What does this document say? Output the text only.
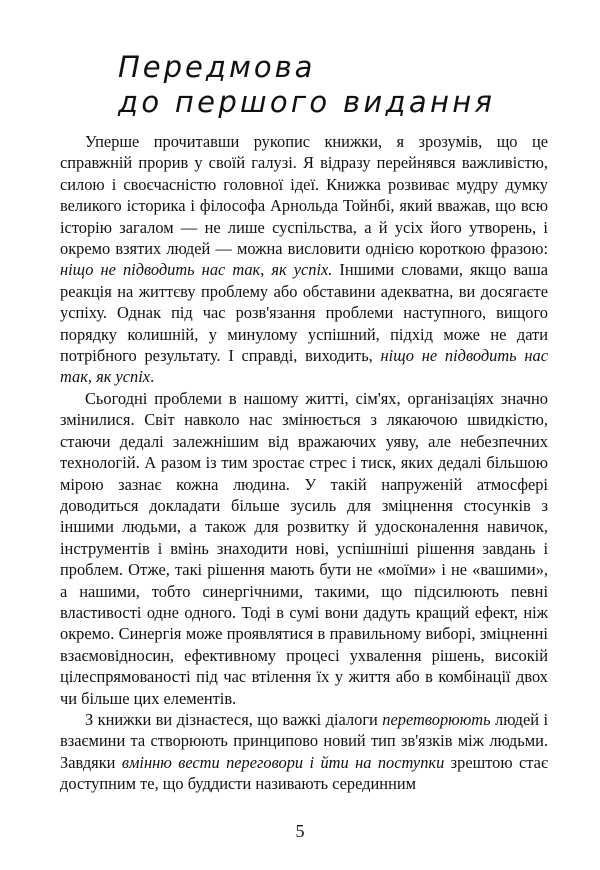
Передмова
до першого видання

Уперше прочитавши рукопис книжки, я зрозумів, що це справжній прорив у своїй галузі. Я відразу перейнявся важливістю, силою і своєчасністю головної ідеї. Книжка розвиває мудру думку великого історика і філософа Арнольда Тойнбі, який вважав, що всю історію загалом — не лише суспільства, а й усіх його утворень, і окремо взятих людей — можна висловити однією короткою фразою: ніщо не підводить нас так, як успіх. Іншими словами, якщо ваша реакція на життєву проблему або обставини адекватна, ви досягаєте успіху. Однак під час розв'язання проблеми наступного, вищого порядку колишній, у минулому успішний, підхід може не дати потрібного результату. І справді, виходить, ніщо не підводить нас так, як успіх.

Сьогодні проблеми в нашому житті, сім'ях, організаціях значно змінилися. Світ навколо нас змінюється з лякаючою швидкістю, стаючи дедалі залежнішим від вражаючих уяву, але небезпечних технологій. А разом із тим зростає стрес і тиск, яких дедалі більшою мірою зазнає кожна людина. У такій напруженій атмосфері доводиться докладати більше зусиль для зміцнення стосунків з іншими людьми, а також для розвитку й удосконалення навичок, інструментів і вмінь знаходити нові, успішніші рішення завдань і проблем. Отже, такі рішення мають бути не «моїми» і не «вашими», а нашими, тобто синергічними, такими, що підсилюють певні властивості одне одного. Тоді в сумі вони дадуть кращий ефект, ніж окремо. Синергія може проявлятися в правильному виборі, зміцненні взаємовідносин, ефективному процесі ухвалення рішень, високій цілеспрямованості під час втілення їх у життя або в комбінації двох чи більше цих елементів.

З книжки ви дізнаєтеся, що важкі діалоги перетворюють людей і взаємини та створюють принципово новий тип зв'язків між людьми. Завдяки вмінню вести переговори і йти на поступки зрештою стає доступним те, що буддисти називають серединним

5
